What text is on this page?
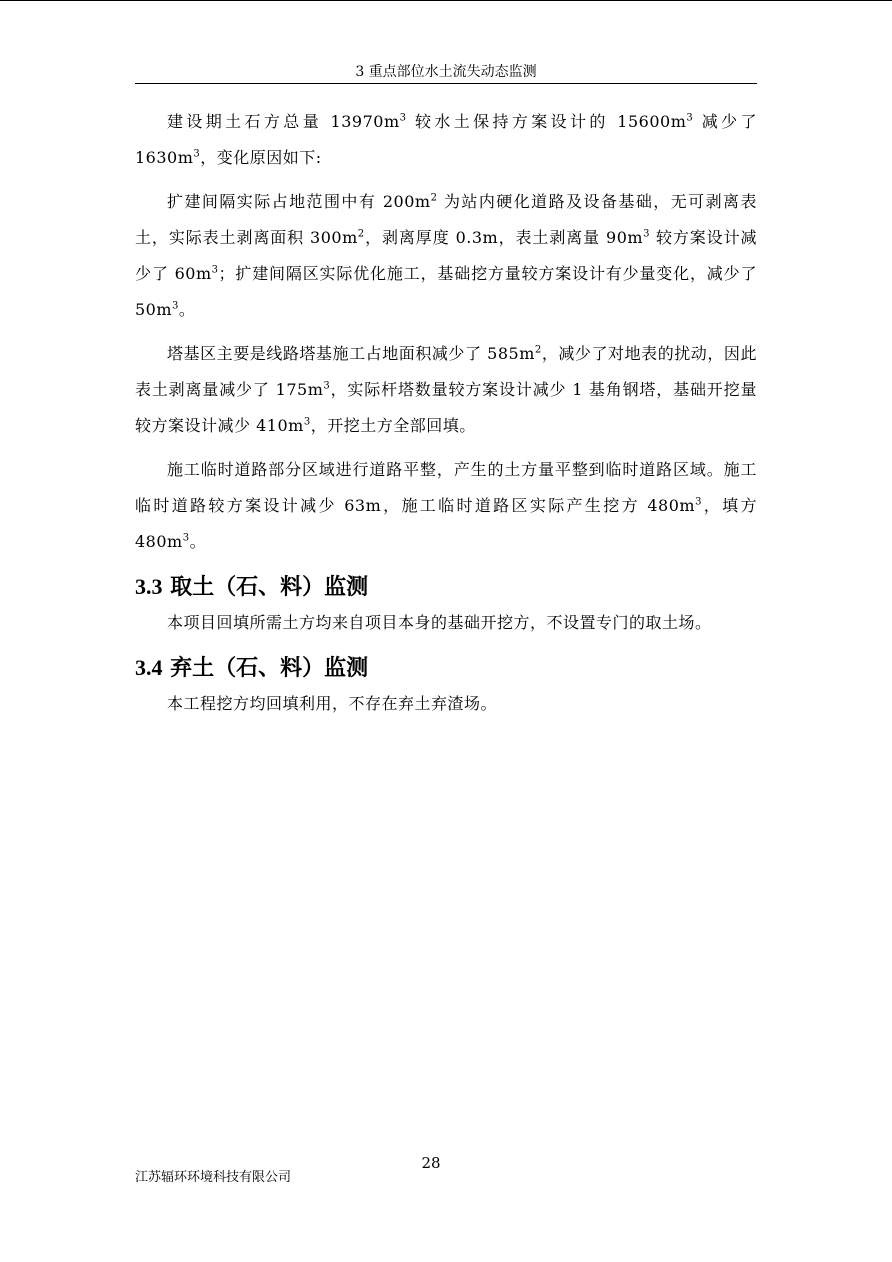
3 重点部位水土流失动态监测

建设期土石方总量 $13970m^3$ 较水土保持方案设计的 $15600m^3$ 减少了 $1630m^3$，变化原因如下:

扩建间隔实际占地范围中有 $200m^2$ 为站内硬化道路及设备基础，无可剥离表土，实际表土剥离面积 $300m^2$，剥离厚度 0.3m，表土剥离量 $90m^3$ 较方案设计减少了 $60m^3$；扩建间隔区实际优化施工，基础挖方量较方案设计有少量变化，减少了 $50m^3$。

塔基区主要是线路塔基施工占地面积减少了 $585m^2$，减少了对地表的扰动，因此表土剥离量减少了 $175m^3$，实际杆塔数量较方案设计减少 1 基角钢塔，基础开挖量较方案设计减少 $410m^3$，开挖土方全部回填。

施工临时道路部分区域进行道路平整，产生的土方量平整到临时道路区域。施工临时道路较方案设计减少 63m，施工临时道路区实际产生挖方 $480m^3$，填方 $480m^3$。

3.3 取土（石、料）监测

本项目回填所需土方均来自项目本身的基础开挖方，不设置专门的取土场。

3.4 弃土（石、料）监测

本工程挖方均回填利用，不存在弃土弃渣场。

28
江苏辐环环境科技有限公司
